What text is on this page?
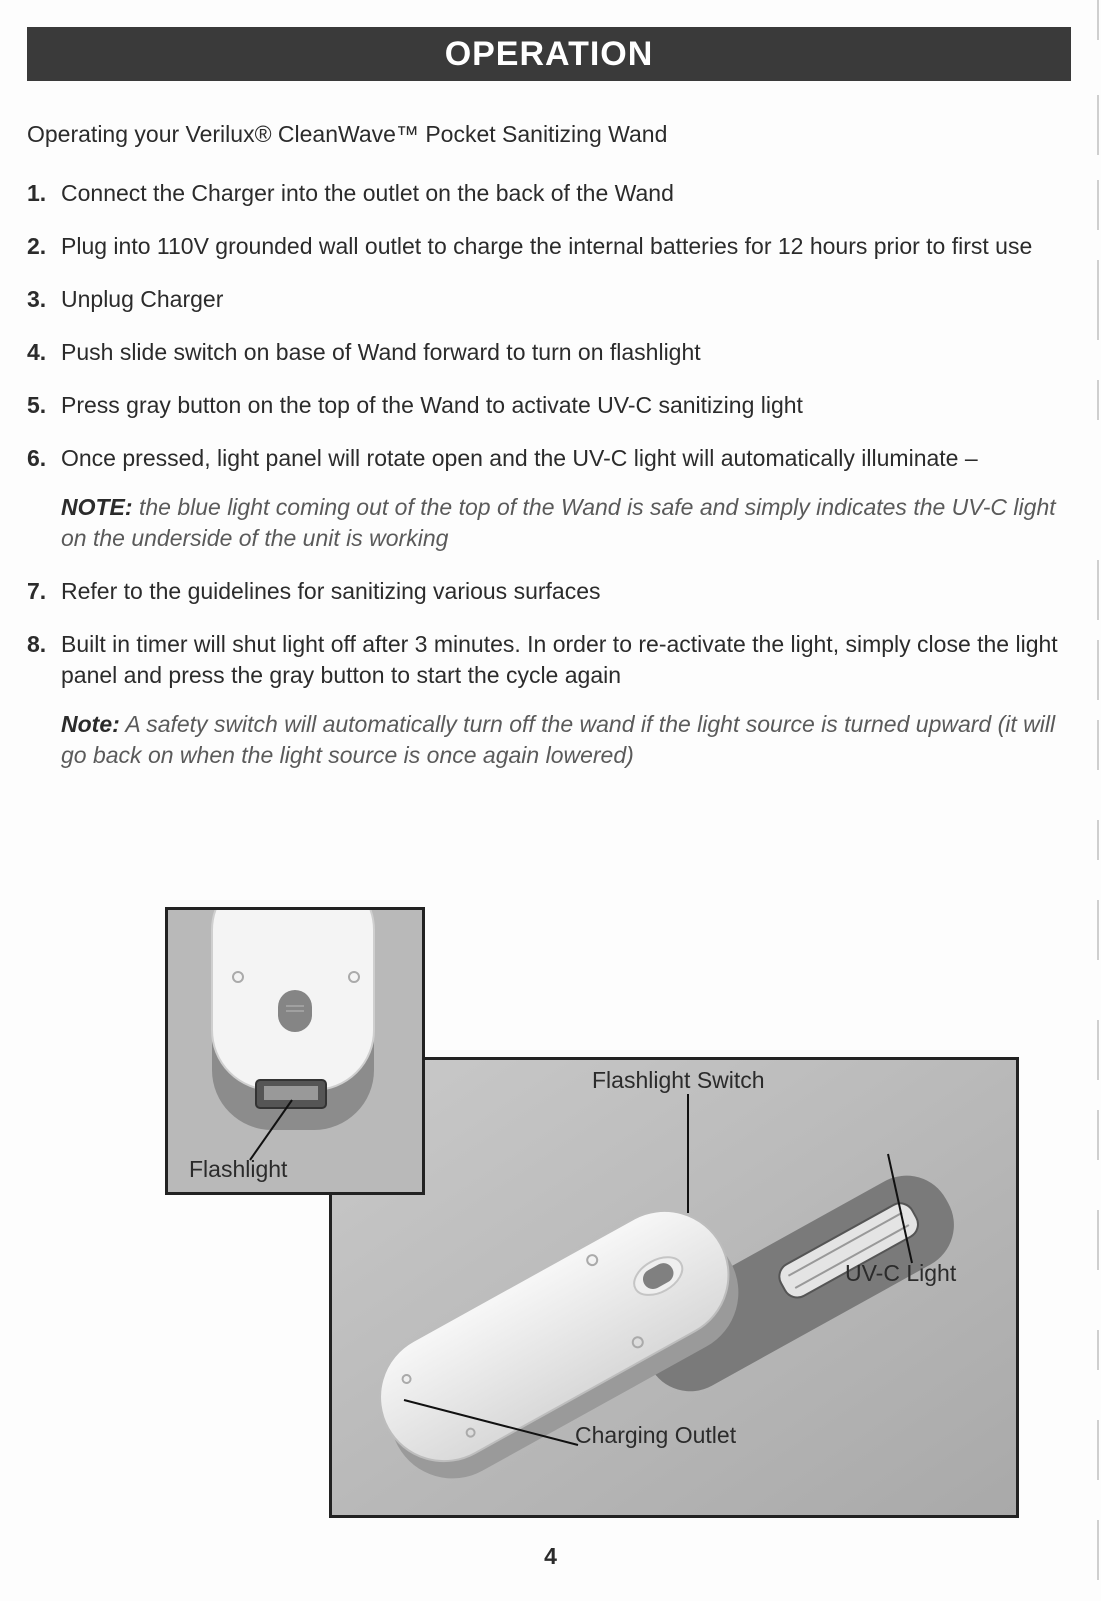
OPERATION
Operating your Verilux® CleanWave™ Pocket Sanitizing Wand
1. Connect the Charger into the outlet on the back of the Wand
2. Plug into 110V grounded wall outlet to charge the internal batteries for 12 hours prior to first use
3. Unplug Charger
4. Push slide switch on base of Wand forward to turn on flashlight
5. Press gray button on the top of the Wand to activate UV-C sanitizing light
6. Once pressed, light panel will rotate open and the UV-C light will automatically illuminate –
NOTE: the blue light coming out of the top of the Wand is safe and simply indicates the UV-C light on the underside of the unit is working
7. Refer to the guidelines for sanitizing various surfaces
8. Built in timer will shut light off after 3 minutes. In order to re-activate the light, simply close the light panel and press the gray button to start the cycle again
Note: A safety switch will automatically turn off the wand if the light source is turned upward (it will go back on when the light source is once again lowered)
Flashlight Switch
UV-C Light
Charging Outlet
Flashlight
4
